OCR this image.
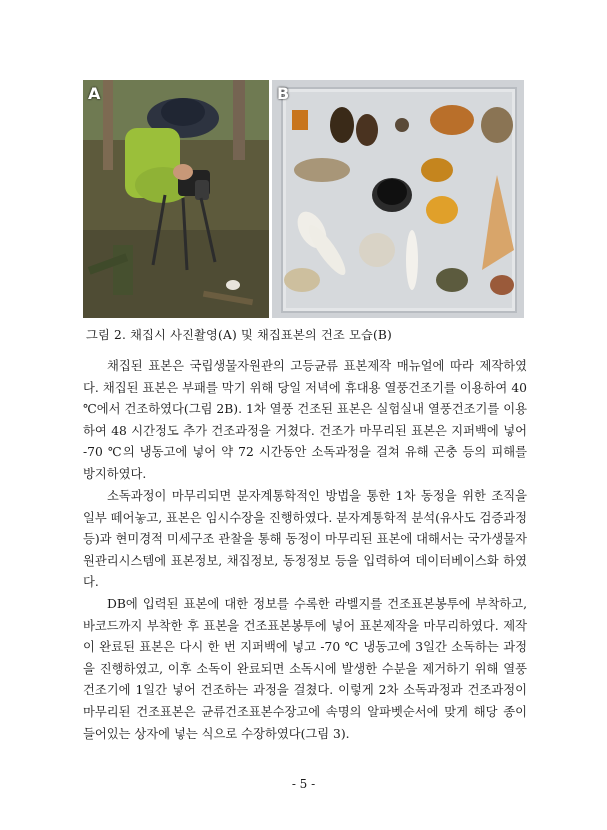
A	B
그림 2. 채집시 사진촬영(A) 및 채집표본의 건조 모습(B)

채집된 표본은 국립생물자원관의 고등균류 표본제작 매뉴얼에 따라 제작하였다. 채집된 표본은 부패를 막기 위해 당일 저녁에 휴대용 열풍건조기를 이용하여 40 ℃에서 건조하였다(그림 2B). 1차 열풍 건조된 표본은 실험실내 열풍건조기를 이용하여 48 시간정도 추가 건조과정을 거쳤다. 건조가 마무리된 표본은 지퍼백에 넣어 -70 ℃의 냉동고에 넣어 약 72 시간동안 소독과정을 걸쳐 유해 곤충 등의 피해를 방지하였다.

소독과정이 마무리되면 분자계통학적인 방법을 통한 1차 동정을 위한 조직을 일부 떼어놓고, 표본은 임시수장을 진행하였다. 분자계통학적 분석(유사도 검증과정 등)과 현미경적 미세구조 관찰을 통해 동정이 마무리된 표본에 대해서는 국가생물자원관리시스템에 표본정보, 채집정보, 동정정보 등을 입력하여 데이터베이스화 하였다.

DB에 입력된 표본에 대한 정보를 수록한 라벨지를 건조표본봉투에 부착하고, 바코드까지 부착한 후 표본을 건조표본봉투에 넣어 표본제작을 마무리하였다. 제작이 완료된 표본은 다시 한 번 지퍼백에 넣고 -70 ℃ 냉동고에 3일간 소독하는 과정을 진행하였고, 이후 소독이 완료되면 소독시에 발생한 수분을 제거하기 위해 열풍건조기에 1일간 넣어 건조하는 과정을 걸쳤다. 이렇게 2차 소독과정과 건조과정이 마무리된 건조표본은 균류건조표본수장고에 속명의 알파벳순서에 맞게 해당 종이 들어있는 상자에 넣는 식으로 수장하였다(그림 3).

- 5 -
